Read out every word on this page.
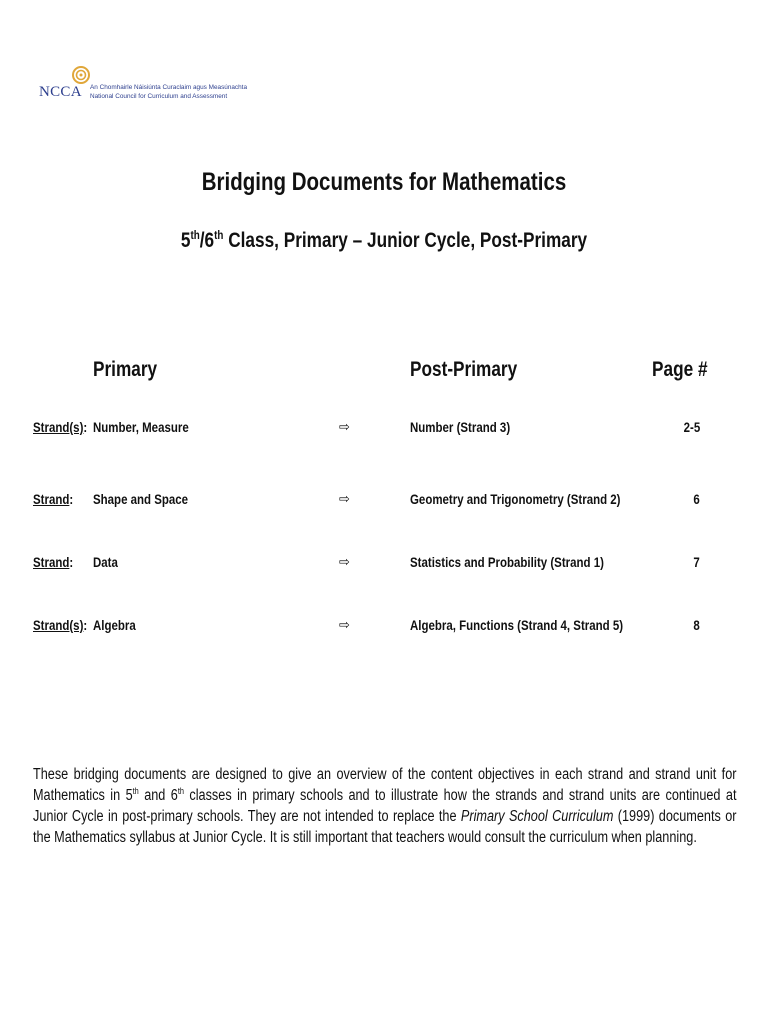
NCCA An Chomhairle Náisiúnta Curaclaim agus Measúnachta
National Council for Curriculum and Assessment
Bridging Documents for Mathematics
5th/6th Class, Primary – Junior Cycle, Post-Primary
Primary	Post-Primary	Page #
Strand(s): Number, Measure	⇨	Number (Strand 3)	2-5
Strand: Shape and Space	⇨	Geometry and Trigonometry (Strand 2)	6
Strand: Data	⇨	Statistics and Probability (Strand 1)	7
Strand(s): Algebra	⇨	Algebra, Functions (Strand 4, Strand 5)	8
These bridging documents are designed to give an overview of the content objectives in each strand and strand unit for Mathematics in 5th and 6th classes in primary schools and to illustrate how the strands and strand units are continued at Junior Cycle in post-primary schools. They are not intended to replace the Primary School Curriculum (1999) documents or the Mathematics syllabus at Junior Cycle. It is still important that teachers would consult the curriculum when planning.
